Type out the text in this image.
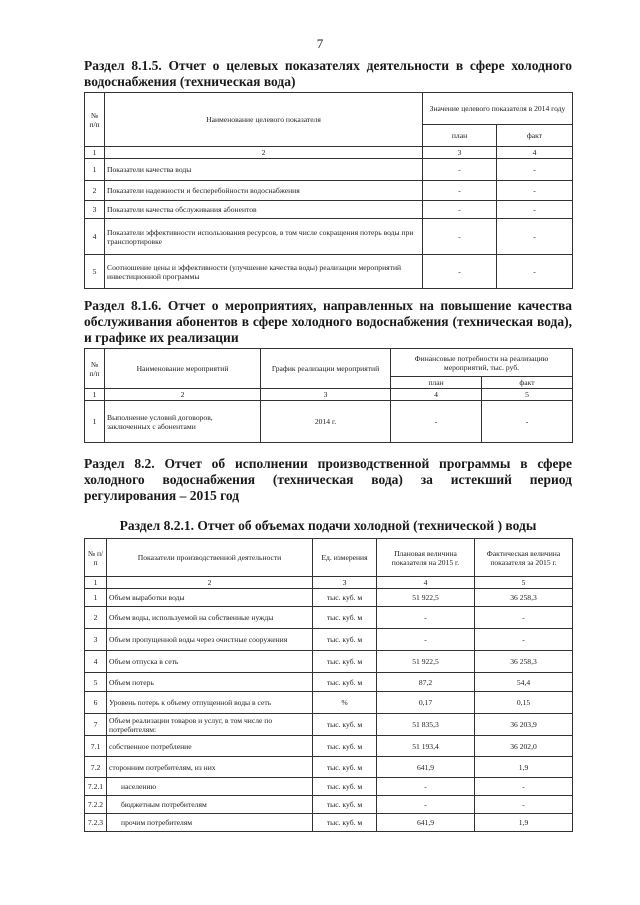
7
Раздел 8.1.5. Отчет о целевых показателях деятельности в сфере холодного водоснабжения (техническая вода)
№ п/п	Наименование целевого показателя	Значение целевого показателя в 2014 году	
		план	факт
1	2	3	4
1	Показатели качества воды	-	-
2	Показатели надежности и бесперебойности водоснабжения	-	-
3	Показатели качества обслуживания абонентов	-	-
4	Показатели эффективности использования ресурсов, в том числе сокращения потерь воды при транспортировке	-	-
5	Соотношение цены и эффективности (улучшение качества воды) реализации мероприятий инвестиционной программы	-	-
Раздел 8.1.6. Отчет о мероприятиях, направленных на повышение качества обслуживания абонентов в сфере холодного водоснабжения (техническая вода), и графике их реализации
№ п/п	Наименование мероприятий	График реализации мероприятий	Финансовые потребности на реализацию мероприятий, тыс. руб.	
			план	факт
1	2	3	4	5
1	Выполнение условий договоров, заключенных с абонентами	2014 г.	-	-
Раздел 8.2. Отчет об исполнении производственной программы в сфере холодного водоснабжения (техническая вода) за истекший период регулирования – 2015 год
Раздел 8.2.1. Отчет об объемах подачи холодной (технической ) воды
№ п/п	Показатели производственной деятельности	Ед. измерения	Плановая величина показателя на 2015 г.	Фактическая величина показателя за 2015 г.
1	2	3	4	5
1	Объем выработки воды	тыс. куб. м	51 922,5	36 258,3
2	Объем воды, используемой на собственные нужды	тыс. куб. м	-	-
3	Объем пропущенной воды через очистные сооружения	тыс. куб. м	-	-
4	Объем отпуска в сеть	тыс. куб. м	51 922,5	36 258,3
5	Объем потерь	тыс. куб. м	87,2	54,4
6	Уровень потерь к объему отпущенной воды в сеть	%	0,17	0,15
7	Объем реализации товаров и услуг, в том числе по потребителям:	тыс. куб. м	51 835,3	36 203,9
7.1	собственное потребление	тыс. куб. м	51 193,4	36 202,0
7.2	сторонним потребителям, из них	тыс. куб. м	641,9	1,9
7.2.1	населению	тыс. куб. м	-	-
7.2.2	бюджетным потребителям	тыс. куб. м	-	-
7.2.3	прочим потребителям	тыс. куб. м	641,9	1,9
